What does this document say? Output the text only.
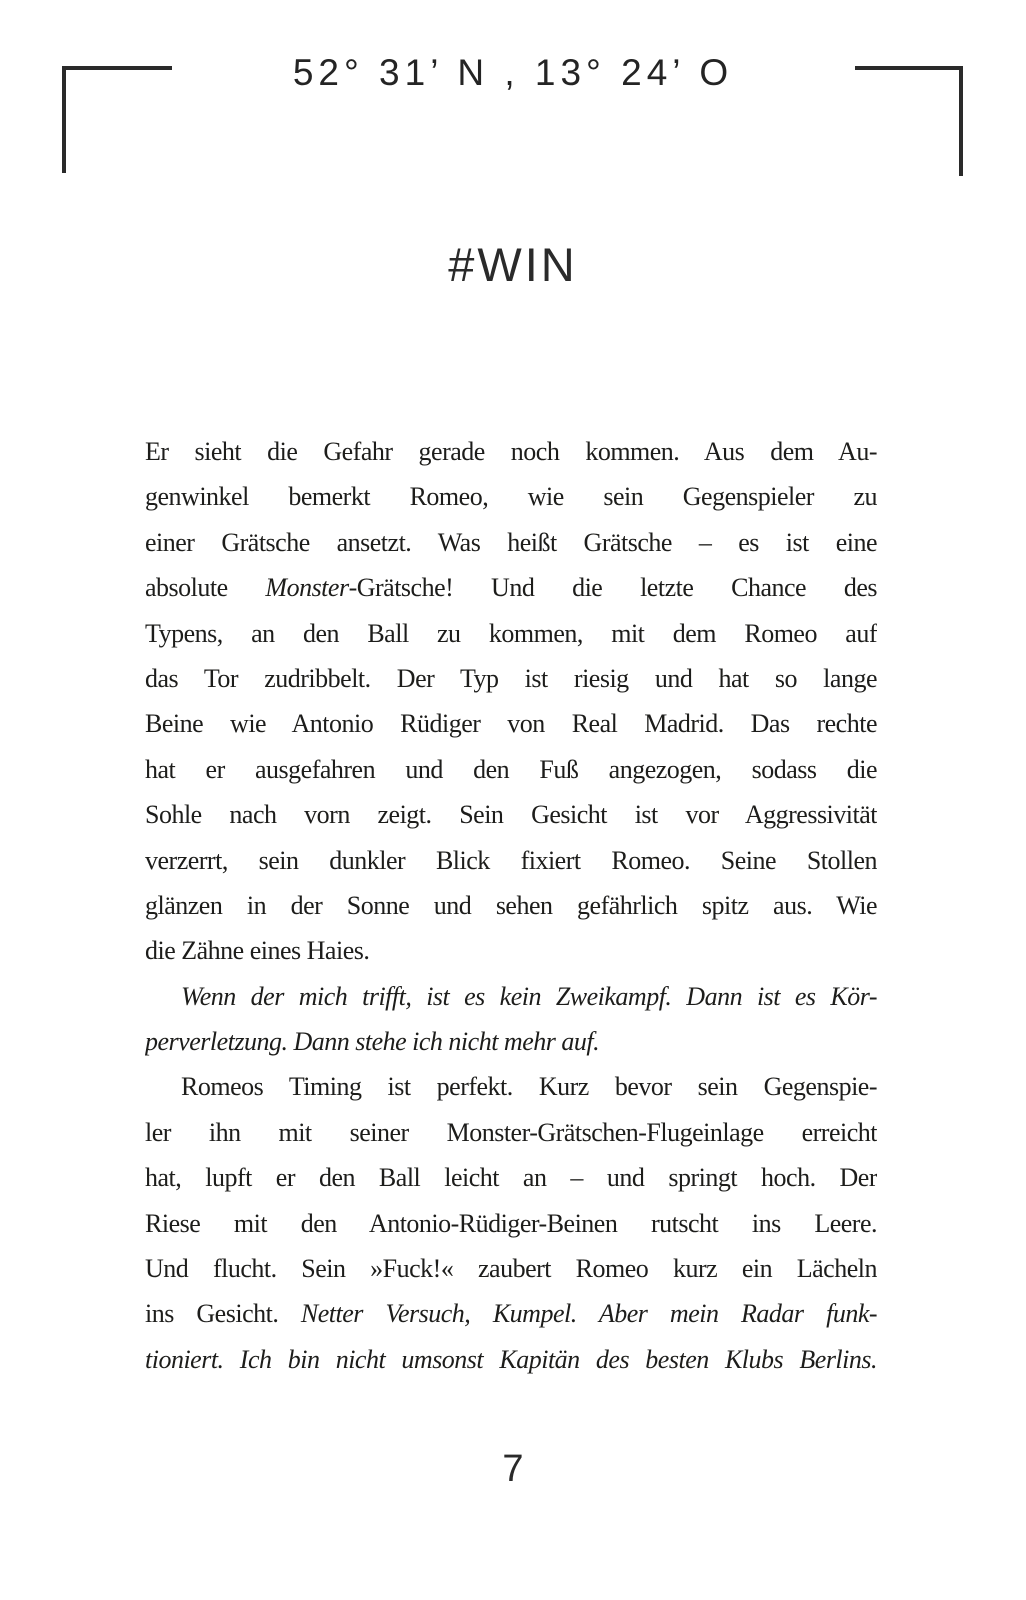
52° 31’ N , 13° 24’ O
#WIN
Er sieht die Gefahr gerade noch kommen. Aus dem Au-
genwinkel bemerkt Romeo, wie sein Gegenspieler zu
einer Grätsche ansetzt. Was heißt Grätsche – es ist eine
absolute Monster-Grätsche! Und die letzte Chance des
Typens, an den Ball zu kommen, mit dem Romeo auf
das Tor zudribbelt. Der Typ ist riesig und hat so lange
Beine wie Antonio Rüdiger von Real Madrid. Das rechte
hat er ausgefahren und den Fuß angezogen, sodass die
Sohle nach vorn zeigt. Sein Gesicht ist vor Aggressivität
verzerrt, sein dunkler Blick fixiert Romeo. Seine Stollen
glänzen in der Sonne und sehen gefährlich spitz aus. Wie
die Zähne eines Haies.
Wenn der mich trifft, ist es kein Zweikampf. Dann ist es Kör-
perverletzung. Dann stehe ich nicht mehr auf.
Romeos Timing ist perfekt. Kurz bevor sein Gegenspie-
ler ihn mit seiner Monster-Grätschen-Flugeinlage erreicht
hat, lupft er den Ball leicht an – und springt hoch. Der
Riese mit den Antonio-Rüdiger-Beinen rutscht ins Leere.
Und flucht. Sein »Fuck!« zaubert Romeo kurz ein Lächeln
ins Gesicht. Netter Versuch, Kumpel. Aber mein Radar funk-
tioniert. Ich bin nicht umsonst Kapitän des besten Klubs Berlins.
7
